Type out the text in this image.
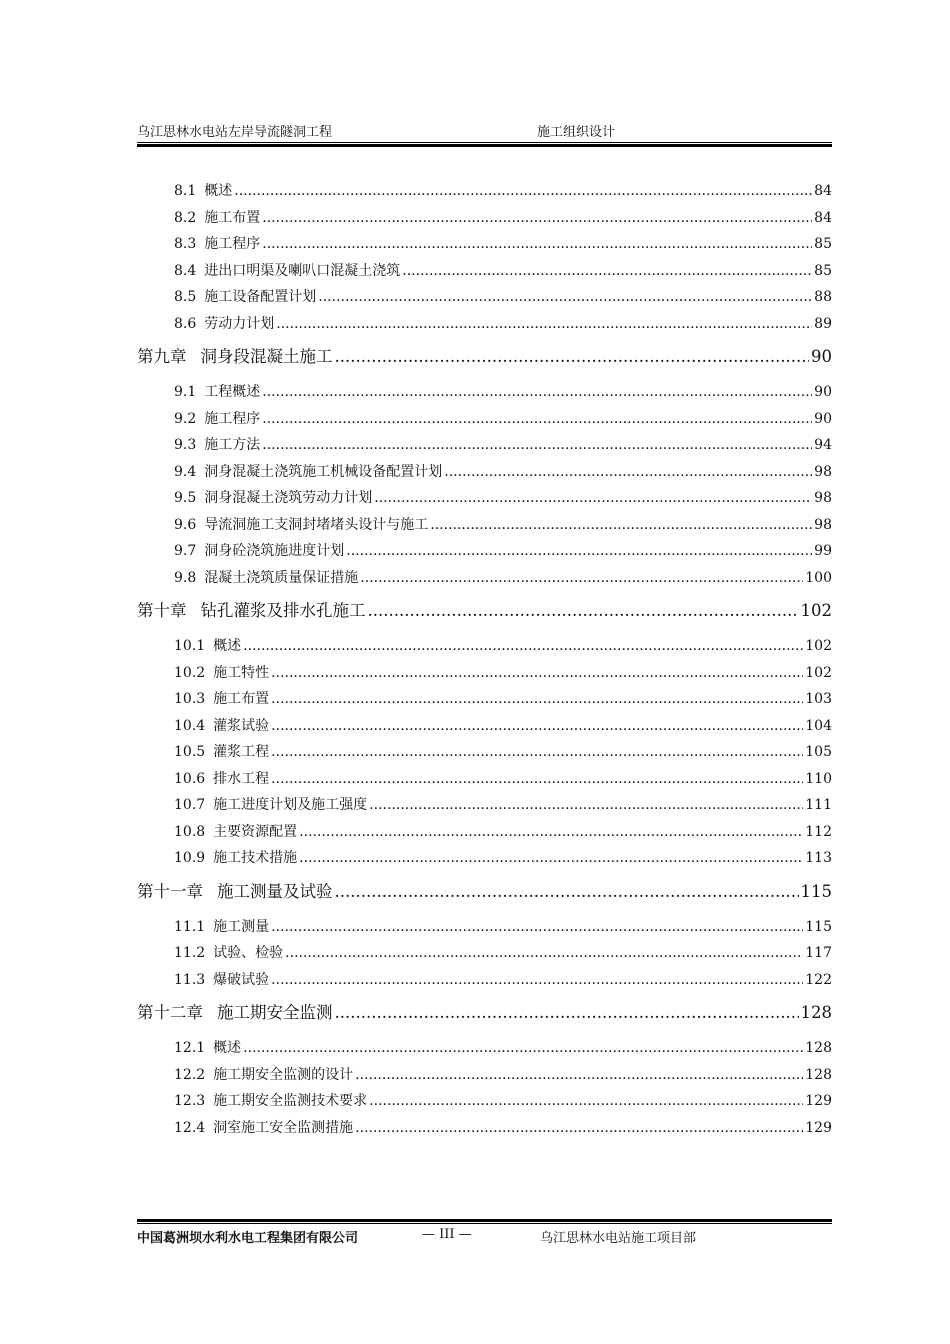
乌江思林水电站左岸导流隧洞工程	施工组织设计
8.1 概述 .....	84
8.2 施工布置 .....	84
8.3 施工程序 .....	85
8.4 进出口明渠及喇叭口混凝土浇筑 .....	85
8.5 施工设备配置计划 .....	88
8.6 劳动力计划 .....	89
第九章 洞身段混凝土施工 .....	90
9.1 工程概述 .....	90
9.2 施工程序 .....	90
9.3 施工方法 .....	94
9.4 洞身混凝土浇筑施工机械设备配置计划 .....	98
9.5 洞身混凝土浇筑劳动力计划 .....	98
9.6 导流洞施工支洞封堵堵头设计与施工 .....	98
9.7 洞身砼浇筑施进度计划 .....	99
9.8 混凝土浇筑质量保证措施 .....	100
第十章 钻孔灌浆及排水孔施工 .....	102
10.1 概述 .....	102
10.2 施工特性 .....	102
10.3 施工布置 .....	103
10.4 灌浆试验 .....	104
10.5 灌浆工程 .....	105
10.6 排水工程 .....	110
10.7 施工进度计划及施工强度 .....	111
10.8 主要资源配置 .....	112
10.9 施工技术措施 .....	113
第十一章 施工测量及试验 .....	115
11.1 施工测量 .....	115
11.2 试验、检验 .....	117
11.3 爆破试验 .....	122
第十二章 施工期安全监测 .....	128
12.1 概述 .....	128
12.2 施工期安全监测的设计 .....	128
12.3 施工期安全监测技术要求 .....	129
12.4 洞室施工安全监测措施 .....	129
中国葛洲坝水利水电工程集团有限公司	— III —	乌江思林水电站施工项目部
